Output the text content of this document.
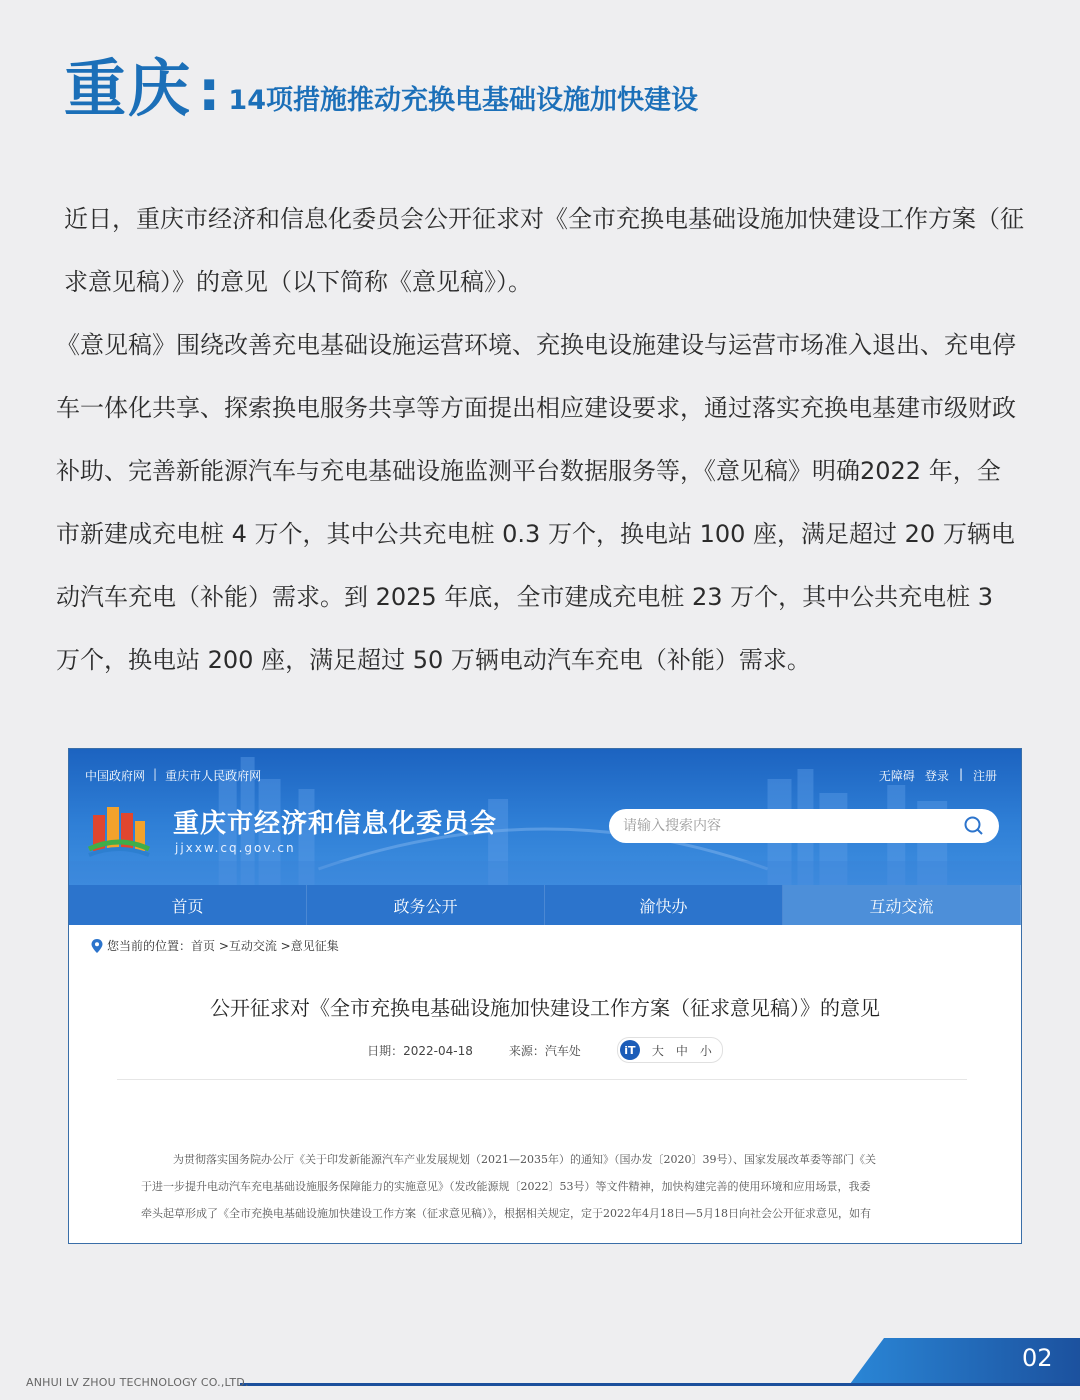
重庆 : 14项措施推动充换电基础设施加快建设

近日，重庆市经济和信息化委员会公开征求对《全市充换电基础设施加快建设工作方案（征求意见稿）》的意见（以下简称《意见稿》）。

《意见稿》围绕改善充电基础设施运营环境、充换电设施建设与运营市场准入退出、充电停车一体化共享、探索换电服务共享等方面提出相应建设要求，通过落实充换电基建市级财政补助、完善新能源汽车与充电基础设施监测平台数据服务等，《意见稿》明确2022 年，全市新建成充电桩 4 万个，其中公共充电桩 0.3 万个，换电站 100 座，满足超过 20 万辆电动汽车充电（补能）需求。到 2025 年底，全市建成充电桩 23 万个，其中公共充电桩 3 万个，换电站 200 座，满足超过 50 万辆电动汽车充电（补能）需求。

中国政府网 | 重庆市人民政府网	无障碍 登录 | 注册
重庆市经济和信息化委员会
jjxxw.cq.gov.cn
请输入搜索内容
首页	政务公开	渝快办	互动交流
您当前的位置：首页 >互动交流 >意见征集
公开征求对《全市充换电基础设施加快建设工作方案（征求意见稿）》的意见
日期：2022-04-18	来源：汽车处	iT	大 中 小
为贯彻落实国务院办公厅《关于印发新能源汽车产业发展规划（2021—2035年）的通知》（国办发〔2020〕39号）、国家发展改革委等部门《关
于进一步提升电动汽车充电基础设施服务保障能力的实施意见》（发改能源规〔2022〕53号）等文件精神，加快构建完善的使用环境和应用场景，我委
牵头起草形成了《全市充换电基础设施加快建设工作方案（征求意见稿）》，根据相关规定，定于2022年4月18日—5月18日向社会公开征求意见，如有
02
ANHUI LV ZHOU TECHNOLOGY CO.,LTD.
